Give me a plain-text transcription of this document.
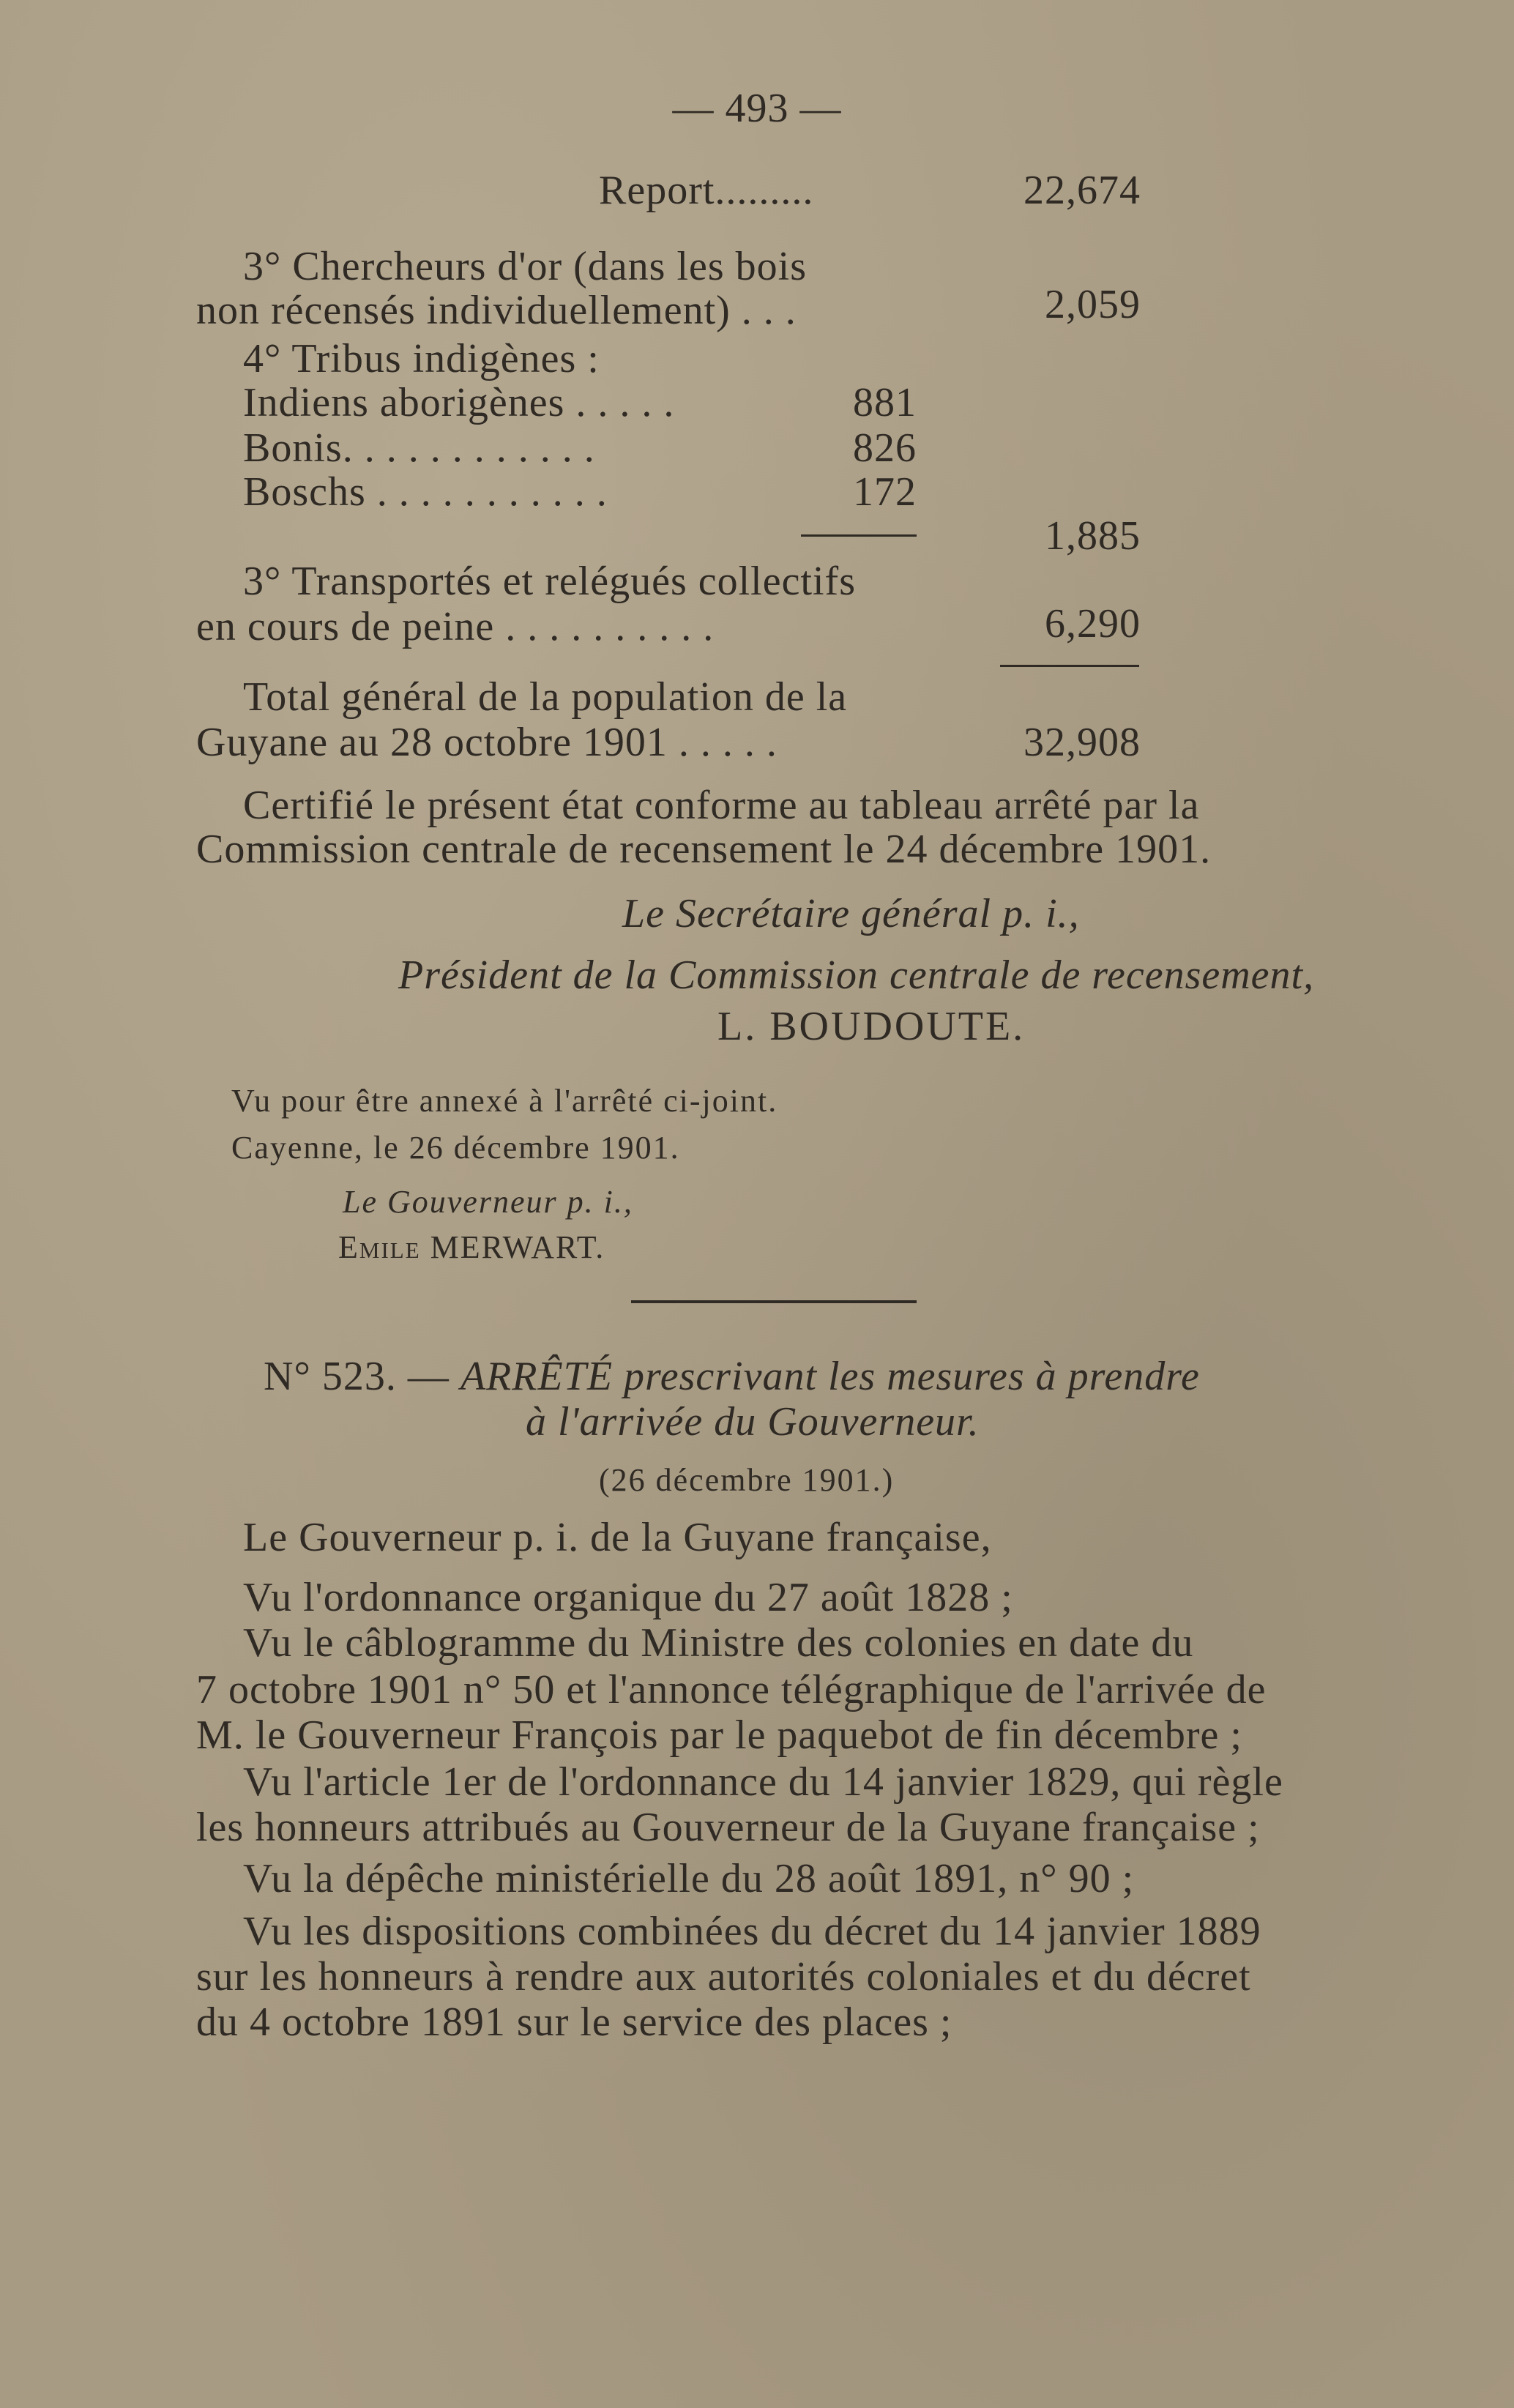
— 493 —
Report.........	22,674
3° Chercheurs d'or (dans les bois
non récensés individuellement) . . .	2,059
4° Tribus indigènes :
Indiens aborigènes . . . . .	881
Bonis. . . . . . . . . . . .	826
Boschs . . . . . . . . . . .	172
1,885
3° Transportés et relégués collectifs
en cours de peine . . . . . . . . . .	6,290
Total général de la population de la
Guyane au 28 octobre 1901 . . . . .	32,908
Certifié le présent état conforme au tableau arrêté par la
Commission centrale de recensement le 24 décembre 1901.
Le Secrétaire général p. i.,
Président de la Commission centrale de recensement,
L. BOUDOUTE.
Vu pour être annexé à l'arrêté ci-joint.
Cayenne, le 26 décembre 1901.
Le Gouverneur p. i.,
Emile MERWART.
N° 523. — ARRÊTÉ prescrivant les mesures à prendre
à l'arrivée du Gouverneur.
(26 décembre 1901.)
Le Gouverneur p. i. de la Guyane française,
Vu l'ordonnance organique du 27 août 1828 ;
Vu le câblogramme du Ministre des colonies en date du
7 octobre 1901 n° 50 et l'annonce télégraphique de l'arrivée de
M. le Gouverneur François par le paquebot de fin décembre ;
Vu l'article 1er de l'ordonnance du 14 janvier 1829, qui règle
les honneurs attribués au Gouverneur de la Guyane française ;
Vu la dépêche ministérielle du 28 août 1891, n° 90 ;
Vu les dispositions combinées du décret du 14 janvier 1889
sur les honneurs à rendre aux autorités coloniales et du décret
du 4 octobre 1891 sur le service des places ;
